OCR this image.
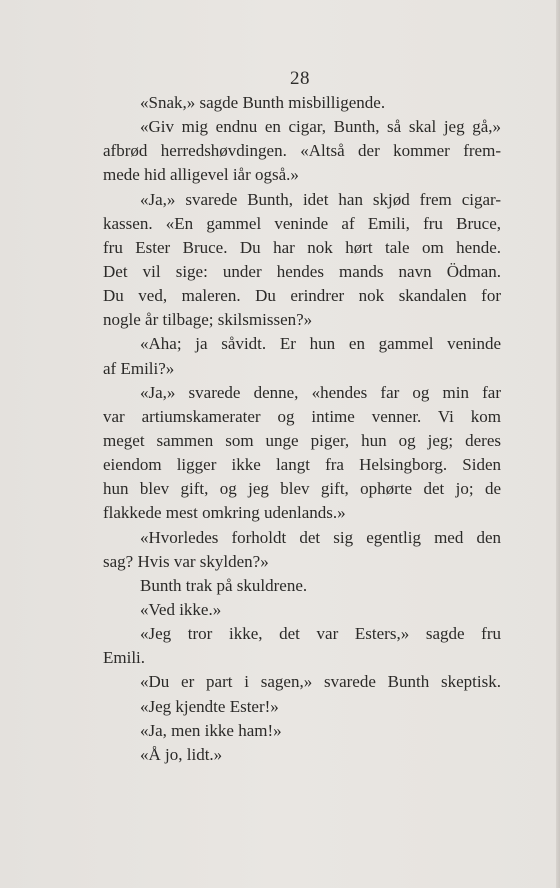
28
«Snak,» sagde Bunth misbilligende.
«Giv mig endnu en cigar, Bunth, så skal jeg gå,»
afbrød herredshøvdingen. «Altså der kommer frem-
mede hid alligevel iår også.»
«Ja,» svarede Bunth, idet han skjød frem cigar-
kassen. «En gammel veninde af Emili, fru Bruce,
fru Ester Bruce. Du har nok hørt tale om hende.
Det vil sige: under hendes mands navn Ödman.
Du ved, maleren. Du erindrer nok skandalen for
nogle år tilbage; skilsmissen?»
«Aha; ja såvidt. Er hun en gammel veninde
af Emili?»
«Ja,» svarede denne, «hendes far og min far
var artiumskamerater og intime venner. Vi kom
meget sammen som unge piger, hun og jeg; deres
eiendom ligger ikke langt fra Helsingborg. Siden
hun blev gift, og jeg blev gift, ophørte det jo; de
flakkede mest omkring udenlands.»
«Hvorledes forholdt det sig egentlig med den
sag? Hvis var skylden?»
Bunth trak på skuldrene.
«Ved ikke.»
«Jeg tror ikke, det var Esters,» sagde fru
Emili.
«Du er part i sagen,» svarede Bunth skeptisk.
«Jeg kjendte Ester!»
«Ja, men ikke ham!»
«Å jo, lidt.»
